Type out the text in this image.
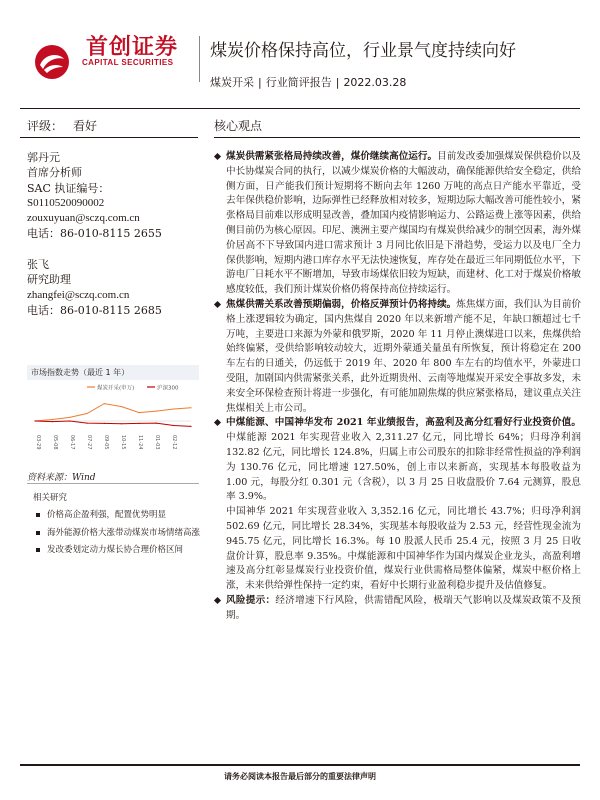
首创证券
CAPITAL SECURITIES
煤炭价格保持高位，行业景气度持续向好
煤炭开采 | 行业简评报告 | 2022.03.28
评级： 看好	核心观点
郭丹元
首席分析师
SAC 执证编号：
S0110520090002
zouxuyuan@sczq.com.cn
电话：86-010-8115 2655
张飞
研究助理
zhangfei@sczq.com.cn
电话：86-010-8115 2685
市场指数走势（最近 1 年）
煤炭开采(申万)	沪深300
03-29 05-08 06-17 07-27 09-05 10-15 11-24 01-03 02-12
资料来源：Wind
相关研究
价格高企盈利强，配置优势明显
海外能源价格大涨带动煤炭市场情绪高涨
发改委划定动力煤长协合理价格区间

煤炭供需紧张格局持续改善，煤价继续高位运行。目前发改委加强煤炭保供稳价以及中长协煤炭合同的执行，以减少煤炭价格的大幅波动，确保能源供给安全稳定，供给侧方面，日产能我们预计短期将不断向去年 1260 万吨的高点日产能水平靠近，受去年保供稳价影响，边际弹性已经释放相对较多，短期边际大幅改善可能性较小，紧张格局目前难以形成明显改善，叠加国内疫情影响运力、公路运费上涨等因素，供给侧目前仍为核心原因。印尼、澳洲主要产煤国均有煤炭供给减少的制空因素，海外煤价居高不下导致国内进口需求预计 3 月同比依旧是下滑趋势，受运力以及电厂全力保供影响，短期内港口库存水平无法快速恢复，库存处在最近三年同期低位水平，下游电厂日耗水平不断增加，导致市场煤依旧较为短缺，而建材、化工对于煤炭价格敏感度较低，我们预计煤炭价格仍将保持高位持续运行。

焦煤供需关系改善预期偏弱，价格反弹预计仍将持续。炼焦煤方面，我们认为目前价格上涨逻辑较为确定，国内焦煤自 2020 年以来新增产能不足，年缺口额超过七千万吨，主要进口来源为外蒙和俄罗斯，2020 年 11 月停止澳煤进口以来，焦煤供给始终偏紧，受供给影响较动较大，近期外蒙通关量虽有所恢复，预计将稳定在 200 车左右的日通关，仍远低于 2019 年、2020 年 800 车左右的均值水平，外蒙进口受阻，加剧国内供需紧张关系，此外近期贵州、云南等地煤炭开采安全事故多发，未来安全环保检查预计将进一步强化，有可能加剧焦煤的供应紧张格局，建议重点关注焦煤相关上市公司。

中煤能源、中国神华发布 2021 年业绩报告，高盈利及高分红看好行业投资价值。中煤能源 2021 年实现营业收入 2,311.27 亿元，同比增长 64%；归母净利润 132.82 亿元，同比增长 124.8%，归属上市公司股东的扣除非经常性损益的净利润为 130.76 亿元，同比增速 127.50%，创上市以来新高，实现基本每股收益为 1.00 元，每股分红 0.301 元（含税），以 3 月 25 日收盘股价 7.64 元测算，股息率 3.9%。

中国神华 2021 年实现营业收入 3,352.16 亿元，同比增长 43.7%；归母净利润 502.69 亿元，同比增长 28.34%，实现基本每股收益为 2.53 元，经营性现金流为 945.75 亿元，同比增长 16.3%。每 10 股派人民币 25.4 元，按照 3 月 25 日收盘价计算，股息率 9.35%。中煤能源和中国神华作为国内煤炭企业龙头，高盈利增速及高分红彰显煤炭行业投资价值，煤炭行业供需格局整体偏紧，煤炭中枢价格上涨，未来供给弹性保持一定约束，看好中长期行业盈利稳步提升及估值修复。

风险提示：经济增速下行风险，供需错配风险，极端天气影响以及煤炭政策不及预期。

请务必阅读本报告最后部分的重要法律声明
